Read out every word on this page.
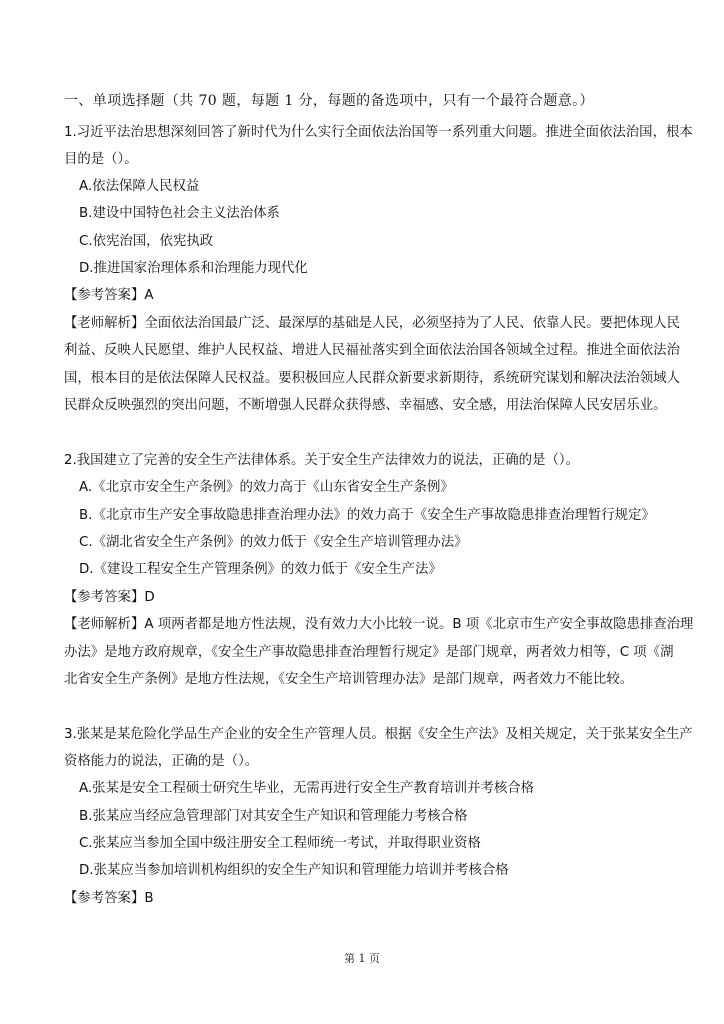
一、单项选择题（共 70 题，每题 1 分，每题的备选项中，只有一个最符合题意。）
1.习近平法治思想深刻回答了新时代为什么实行全面依法治国等一系列重大问题。推进全面依法治国，根本
目的是（）。
A.依法保障人民权益
B.建设中国特色社会主义法治体系
C.依宪治国，依宪执政
D.推进国家治理体系和治理能力现代化
【参考答案】A
【老师解析】全面依法治国最广泛、最深厚的基础是人民，必须坚持为了人民、依靠人民。要把体现人民
利益、反映人民愿望、维护人民权益、增进人民福祉落实到全面依法治国各领域全过程。推进全面依法治
国，根本目的是依法保障人民权益。要积极回应人民群众新要求新期待，系统研究谋划和解决法治领域人
民群众反映强烈的突出问题，不断增强人民群众获得感、幸福感、安全感，用法治保障人民安居乐业。
2.我国建立了完善的安全生产法律体系。关于安全生产法律效力的说法，正确的是（）。
A.《北京市安全生产条例》的效力高于《山东省安全生产条例》
B.《北京市生产安全事故隐患排查治理办法》的效力高于《安全生产事故隐患排查治理暂行规定》
C.《湖北省安全生产条例》的效力低于《安全生产培训管理办法》
D.《建设工程安全生产管理条例》的效力低于《安全生产法》
【参考答案】D
【老师解析】A 项两者都是地方性法规，没有效力大小比较一说。B 项《北京市生产安全事故隐患排查治理
办法》是地方政府规章，《安全生产事故隐患排查治理暂行规定》是部门规章，两者效力相等，C 项《湖
北省安全生产条例》是地方性法规，《安全生产培训管理办法》是部门规章，两者效力不能比较。
3.张某是某危险化学品生产企业的安全生产管理人员。根据《安全生产法》及相关规定，关于张某安全生产
资格能力的说法，正确的是（）。
A.张某是安全工程硕士研究生毕业，无需再进行安全生产教育培训并考核合格
B.张某应当经应急管理部门对其安全生产知识和管理能力考核合格
C.张某应当参加全国中级注册安全工程师统一考试，并取得职业资格
D.张某应当参加培训机构组织的安全生产知识和管理能力培训并考核合格
【参考答案】B
第 1 页
